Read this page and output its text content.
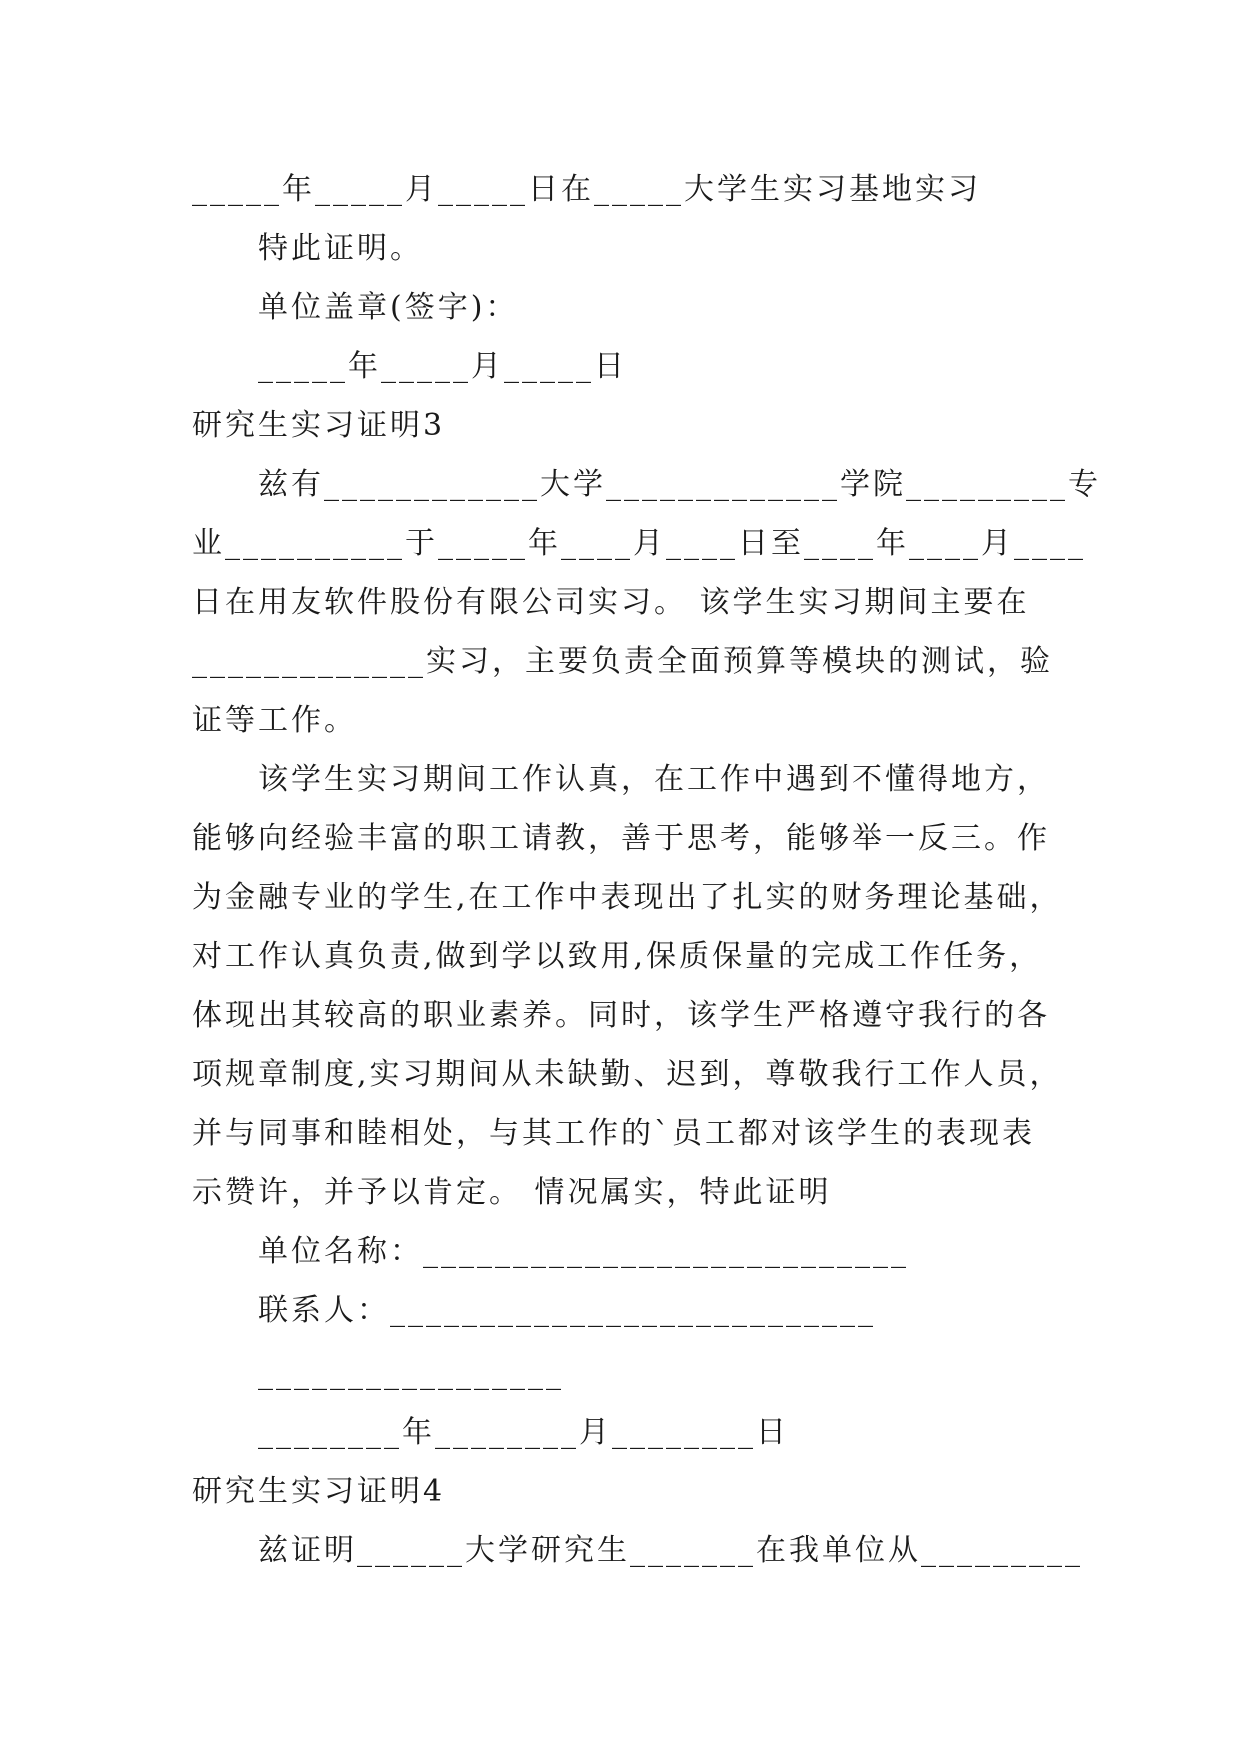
_____年_____月_____日在_____大学生实习基地实习
特此证明。
单位盖章(签字)：
_____年_____月_____日
研究生实习证明3
兹有____________大学_____________学院_________专
业__________于_____年____月____日至____年____月____
日在用友软件股份有限公司实习。 该学生实习期间主要在
_____________实习，主要负责全面预算等模块的测试，验
证等工作。
该学生实习期间工作认真，在工作中遇到不懂得地方，
能够向经验丰富的职工请教，善于思考，能够举一反三。作
为金融专业的学生,在工作中表现出了扎实的财务理论基础，
对工作认真负责,做到学以致用,保质保量的完成工作任务，
体现出其较高的职业素养。同时，该学生严格遵守我行的各
项规章制度,实习期间从未缺勤、迟到，尊敬我行工作人员，
并与同事和睦相处，与其工作的`员工都对该学生的表现表
示赞许，并予以肯定。 情况属实，特此证明
单位名称：___________________________
联系人：___________________________
_________________
________年________月________日
研究生实习证明4
兹证明______大学研究生_______在我单位从_________
